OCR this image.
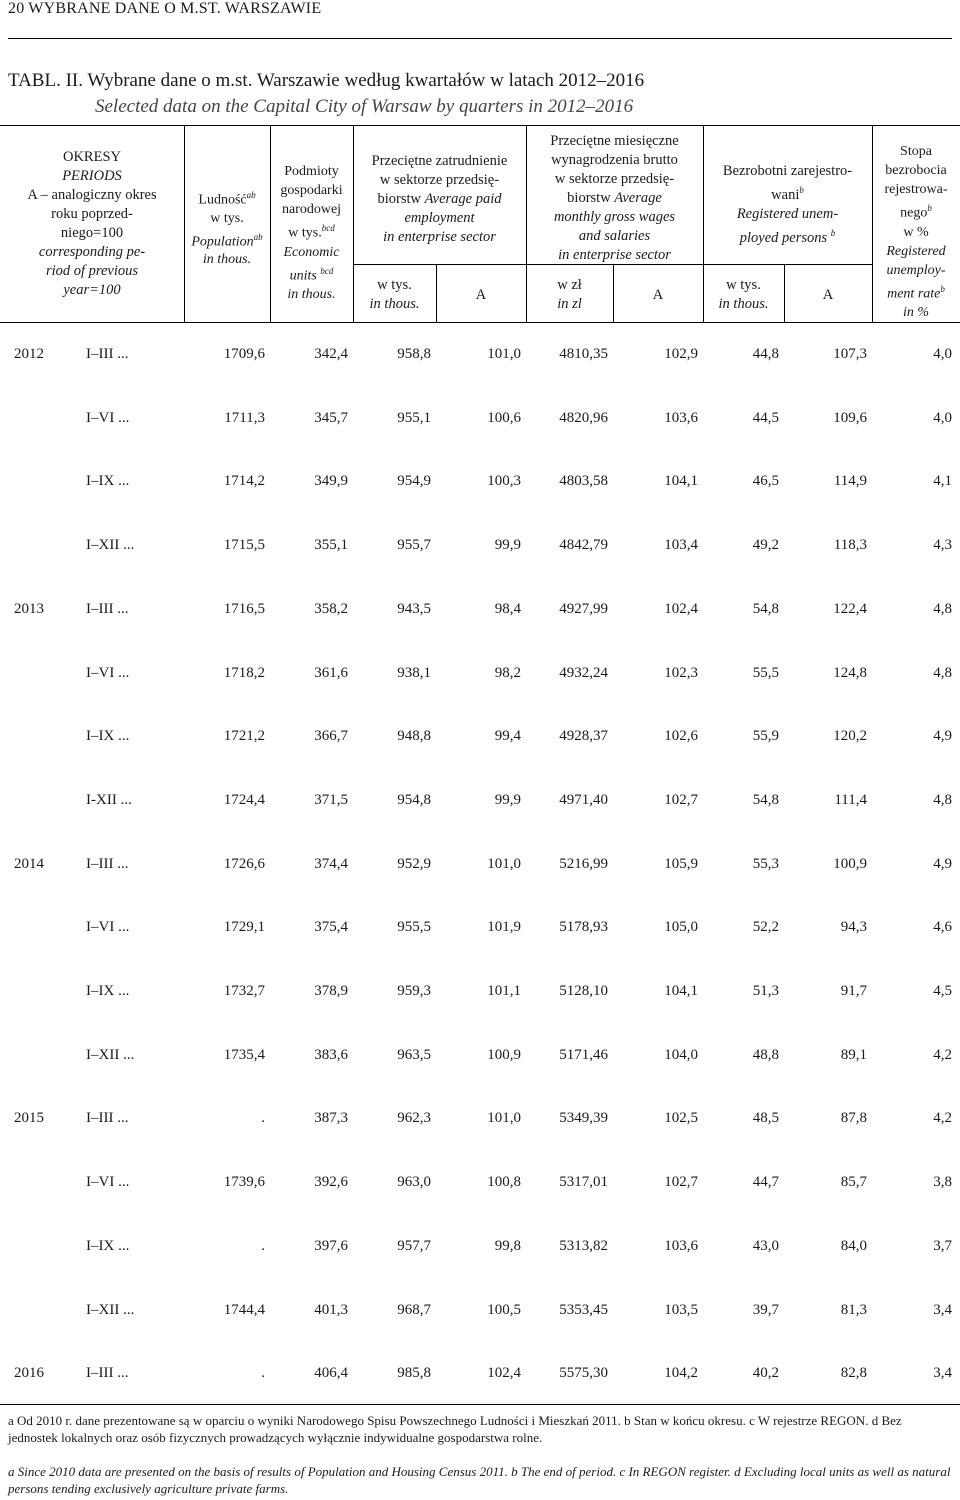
20 WYBRANE DANE O M.ST. WARSZAWIE
TABL. II. Wybrane dane o m.st. Warszawie według kwartałów w latach 2012–2016
Selected data on the Capital City of Warsaw by quarters in 2012–2016
OKRESY
PERIODS
A – analogiczny okres
roku poprzed-
niego=100
corresponding pe-
riod of previous
year=100
Ludność$^{ab}$
w tys.
Population$^{ab}$
in thous.
Podmioty
gospodarki
narodowej
w tys.$^{bcd}$
Economic
units $^{bcd}$
in thous.
Przeciętne zatrudnienie
w sektorze przedsię-
biorstw Average paid
employment
in enterprise sector
w tys.
in thous.
A
Przeciętne miesięczne
wynagrodzenia brutto
w sektorze przedsię-
biorstw Average
monthly gross wages
and salaries
in enterprise sector
w zł
in zl
A
Bezrobotni zarejestro-
wani$^b$
Registered unem-
ployed persons $^b$
w tys.
in thous.
A
Stopa
bezrobocia
rejestrowa-
nego$^b$
w %
Registered
unemploy-
ment rate$^b$
in %
2012	I–III ...	1709,6	342,4	958,8	101,0	4810,35	102,9	44,8	107,3	4,0
I–VI ...	1711,3	345,7	955,1	100,6	4820,96	103,6	44,5	109,6	4,0
I–IX ...	1714,2	349,9	954,9	100,3	4803,58	104,1	46,5	114,9	4,1
I–XII ...	1715,5	355,1	955,7	99,9	4842,79	103,4	49,2	118,3	4,3
2013	I–III ...	1716,5	358,2	943,5	98,4	4927,99	102,4	54,8	122,4	4,8
I–VI ...	1718,2	361,6	938,1	98,2	4932,24	102,3	55,5	124,8	4,8
I–IX ...	1721,2	366,7	948,8	99,4	4928,37	102,6	55,9	120,2	4,9
I-XII ...	1724,4	371,5	954,8	99,9	4971,40	102,7	54,8	111,4	4,8
2014	I–III ...	1726,6	374,4	952,9	101,0	5216,99	105,9	55,3	100,9	4,9
I–VI ...	1729,1	375,4	955,5	101,9	5178,93	105,0	52,2	94,3	4,6
I–IX ...	1732,7	378,9	959,3	101,1	5128,10	104,1	51,3	91,7	4,5
I–XII ...	1735,4	383,6	963,5	100,9	5171,46	104,0	48,8	89,1	4,2
2015	I–III ...	.	387,3	962,3	101,0	5349,39	102,5	48,5	87,8	4,2
I–VI ...	1739,6	392,6	963,0	100,8	5317,01	102,7	44,7	85,7	3,8
I–IX ...	.	397,6	957,7	99,8	5313,82	103,6	43,0	84,0	3,7
I–XII ...	1744,4	401,3	968,7	100,5	5353,45	103,5	39,7	81,3	3,4
2016	I–III ...	.	406,4	985,8	102,4	5575,30	104,2	40,2	82,8	3,4
a Od 2010 r. dane prezentowane są w oparciu o wyniki Narodowego Spisu Powszechnego Ludności i Mieszkań 2011. b Stan w końcu okresu. c W rejestrze REGON. d Bez jednostek lokalnych oraz osób fizycznych prowadzących wyłącznie indywidualne gospodarstwa rolne.
a Since 2010 data are presented on the basis of results of Population and Housing Census 2011. b The end of period. c In REGON register. d Excluding local units as well as natural persons tending exclusively agriculture private farms.
